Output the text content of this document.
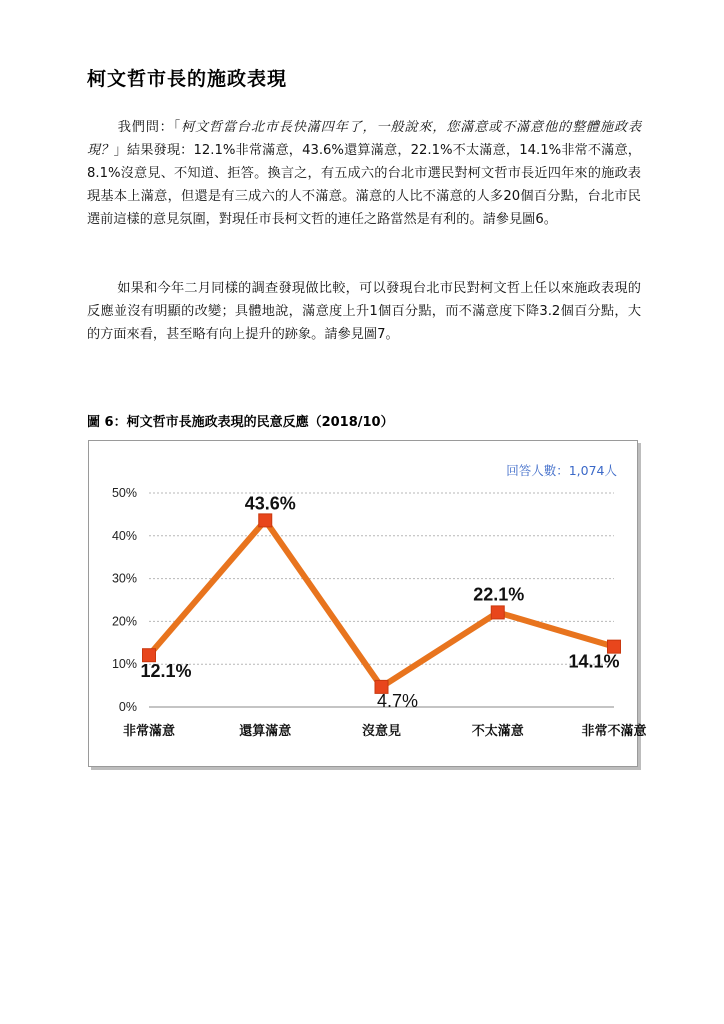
柯文哲市長的施政表現
我們問：「柯文哲當台北市長快滿四年了，一般說來，您滿意或不滿意他的整體施政表現？」結果發現：12.1%非常滿意，43.6%還算滿意，22.1%不太滿意，14.1%非常不滿意，8.1%沒意見、不知道、拒答。換言之，有五成六的台北市選民對柯文哲市長近四年來的施政表現基本上滿意，但還是有三成六的人不滿意。滿意的人比不滿意的人多20個百分點，台北市民選前這樣的意見氛圍，對現任市長柯文哲的連任之路當然是有利的。請參見圖6。
如果和今年二月同樣的調查發現做比較，可以發現台北市民對柯文哲上任以來施政表現的反應並沒有明顯的改變；具體地說，滿意度上升1個百分點，而不滿意度下降3.2個百分點，大的方面來看，甚至略有向上提升的跡象。請參見圖7。
圖 6：柯文哲市長施政表現的民意反應（2018/10）
0%
10%
20%
30%
40%
50%
非常滿意	還算滿意	沒意見	不太滿意	非常不滿意
12.1%
43.6%
4.7%
22.1%
14.1%
回答人數：1,074人
